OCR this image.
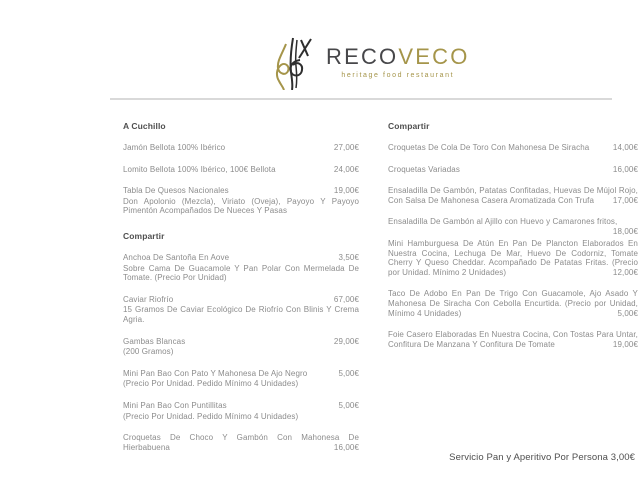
RECOVECO
heritage food restaurant
A Cuchillo
Jamón Bellota 100% Ibérico	27,00€
Lomito Bellota 100% Ibérico, 100€ Bellota	24,00€
Tabla De Quesos Nacionales	19,00€
Don Apolonio (Mezcla), Viriato (Oveja), Payoyo Y Payoyo Pimentón Acompañados De Nueces Y Pasas
Compartir
Anchoa De Santoña En Aove	3,50€
Sobre Cama De Guacamole Y Pan Polar Con Mermelada De Tomate. (Precio Por Unidad)
Caviar Riofrío	67,00€
15 Gramos De Caviar Ecológico De Riofrío Con Blinis Y Crema Agria.
Gambas Blancas	29,00€
(200 Gramos)
Mini Pan Bao Con Pato Y Mahonesa De Ajo Negro	5,00€
(Precio Por Unidad. Pedido Mínimo 4 Unidades)
Mini Pan Bao Con Puntillitas	5,00€
(Precio Por Unidad. Pedido Mínimo 4 Unidades)
Croquetas De Choco Y Gambón Con Mahonesa De Hierbabuena	16,00€
Compartir
Croquetas De Cola De Toro Con Mahonesa De Siracha	14,00€
Croquetas Variadas	16,00€
Ensaladilla De Gambón, Patatas Confitadas, Huevas De Mújol Rojo, Con Salsa De Mahonesa Casera Aromatizada Con Trufa 17,00€
Ensaladilla De Gambón al Ajillo con Huevo y Camarones fritos,
18,00€
Mini Hamburguesa De Atún En Pan De Plancton Elaborados En Nuestra Cocina, Lechuga De Mar, Huevo De Codorniz, Tomate Cherry Y Queso Cheddar. Acompañado De Patatas Fritas. (Precio por Unidad. Mínimo 2 Unidades)	12,00€
Taco De Adobo En Pan De Trigo Con Guacamole, Ajo Asado Y Mahonesa De Siracha Con Cebolla Encurtida. (Precio por Unidad, Mínimo 4 Unidades)	5,00€
Foie Casero Elaboradas En Nuestra Cocina, Con Tostas Para Untar, Confitura De Manzana Y Confitura De Tomate	19,00€
Servicio Pan y Aperitivo Por Persona 3,00€
